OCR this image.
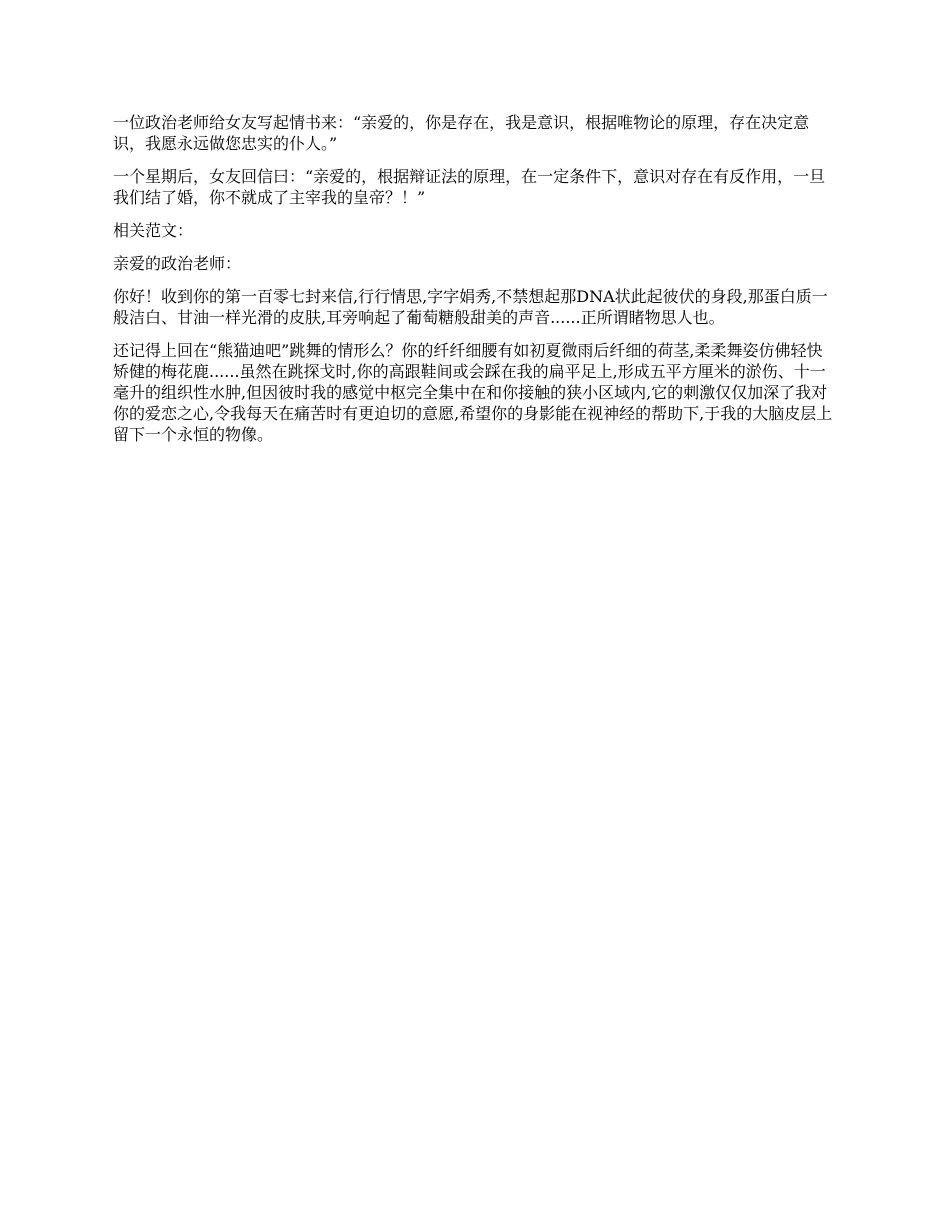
一位政治老师给女友写起情书来：“亲爱的，你是存在，我是意识，根据唯物论的原理，存在决定意识，我愿永远做您忠实的仆人。”

一个星期后，女友回信曰：“亲爱的，根据辩证法的原理，在一定条件下，意识对存在有反作用，一旦我们结了婚，你不就成了主宰我的皇帝？！”

相关范文：

亲爱的政治老师：

你好！收到你的第一百零七封来信,行行情思,字字娟秀,不禁想起那DNA状此起彼伏的身段,那蛋白质一般洁白、甘油一样光滑的皮肤,耳旁响起了葡萄糖般甜美的声音......正所谓睹物思人也。

还记得上回在“熊猫迪吧”跳舞的情形么？你的纤纤细腰有如初夏微雨后纤细的荷茎,柔柔舞姿仿佛轻快矫健的梅花鹿......虽然在跳探戈时,你的高跟鞋间或会踩在我的扁平足上,形成五平方厘米的淤伤、十一毫升的组织性水肿,但因彼时我的感觉中枢完全集中在和你接触的狭小区域内,它的刺激仅仅加深了我对你的爱恋之心,令我每天在痛苦时有更迫切的意愿,希望你的身影能在视神经的帮助下,于我的大脑皮层上留下一个永恒的物像。
